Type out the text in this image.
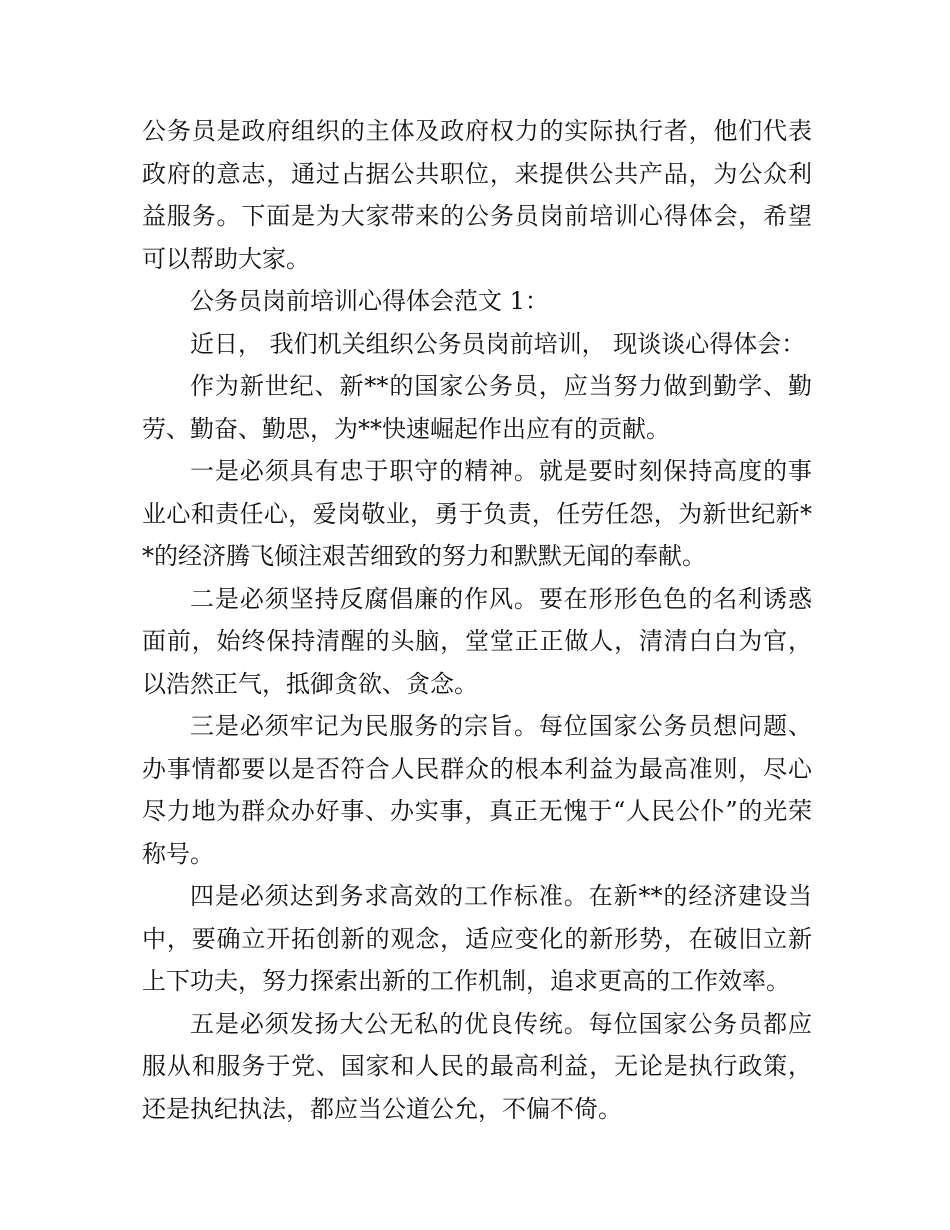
公务员是政府组织的主体及政府权力的实际执行者，他们代表政府的意志，通过占据公共职位，来提供公共产品，为公众利益服务。下面是为大家带来的公务员岗前培训心得体会，希望可以帮助大家。

公务员岗前培训心得体会范文 1：

近日， 我们机关组织公务员岗前培训， 现谈谈心得体会：

作为新世纪、新**的国家公务员，应当努力做到勤学、勤劳、勤奋、勤思，为**快速崛起作出应有的贡献。

一是必须具有忠于职守的精神。就是要时刻保持高度的事业心和责任心，爱岗敬业，勇于负责，任劳任怨，为新世纪新**的经济腾飞倾注艰苦细致的努力和默默无闻的奉献。

二是必须坚持反腐倡廉的作风。要在形形色色的名利诱惑面前，始终保持清醒的头脑，堂堂正正做人，清清白白为官，以浩然正气，抵御贪欲、贪念。

三是必须牢记为民服务的宗旨。每位国家公务员想问题、办事情都要以是否符合人民群众的根本利益为最高准则，尽心尽力地为群众办好事、办实事，真正无愧于“人民公仆”的光荣称号。

四是必须达到务求高效的工作标准。在新**的经济建设当中，要确立开拓创新的观念，适应变化的新形势，在破旧立新上下功夫，努力探索出新的工作机制，追求更高的工作效率。

五是必须发扬大公无私的优良传统。每位国家公务员都应服从和服务于党、国家和人民的最高利益，无论是执行政策，还是执纪执法，都应当公道公允，不偏不倚。
